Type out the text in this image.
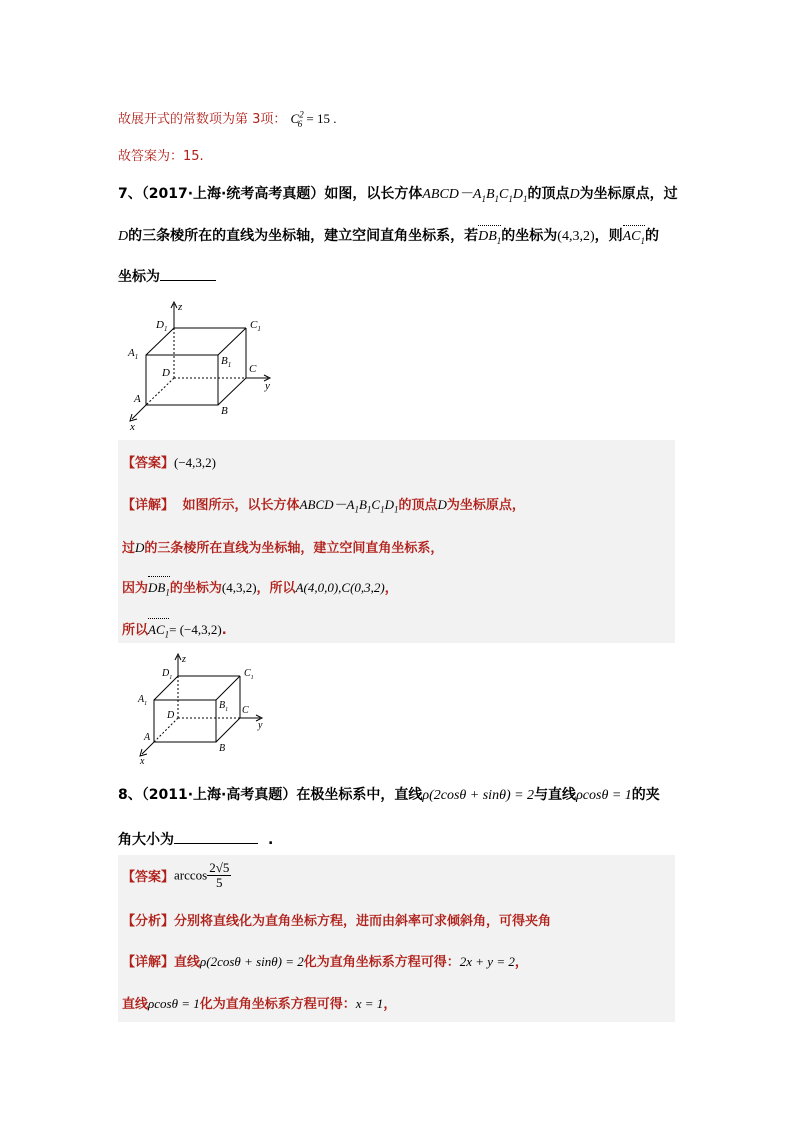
故展开式的常数项为第 3项： $C^2_6 = 15$ .
故答案为：15.
7、（2017·上海·统考高考真题）如图，以长方体$ABCD-A_1B_1C_1D_1$的顶点D为坐标原点，过
D的三条棱所在的直线为坐标轴，建立空间直角坐标系，若$DB_1$的坐标为(4,3,2)，则$AC_1$的
坐标为
z
$D_1$	$C_1$
$A_1$	$B_1$
D	C
y
A
B
x
【答案】(−4,3,2)
【详解】 如图所示，以长方体$ABCD-A_1B_1C_1D_1$的顶点D为坐标原点，
过D的三条棱所在直线为坐标轴，建立空间直角坐标系，
因为$DB_1$的坐标为(4,3,2)，所以A(4,0,0),C(0,3,2)，
所以$AC_1= (-4,3,2)$.
z
$D_1$	$C_1$
$A_1$	$B_1$
D	C
y
A
B
x
8、（2011·上海·高考真题）在极坐标系中，直线ρ(2cosθ + sinθ) = 2与直线ρcosθ = 1的夹
角大小为	.
【答案】$\arccos \frac{2√5}{5}$
【分析】分别将直线化为直角坐标方程，进而由斜率可求倾斜角，可得夹角
【详解】直线ρ(2cosθ + sinθ) = 2化为直角坐标系方程可得：2x + y = 2，
直线ρcosθ = 1化为直角坐标系方程可得：x = 1，
